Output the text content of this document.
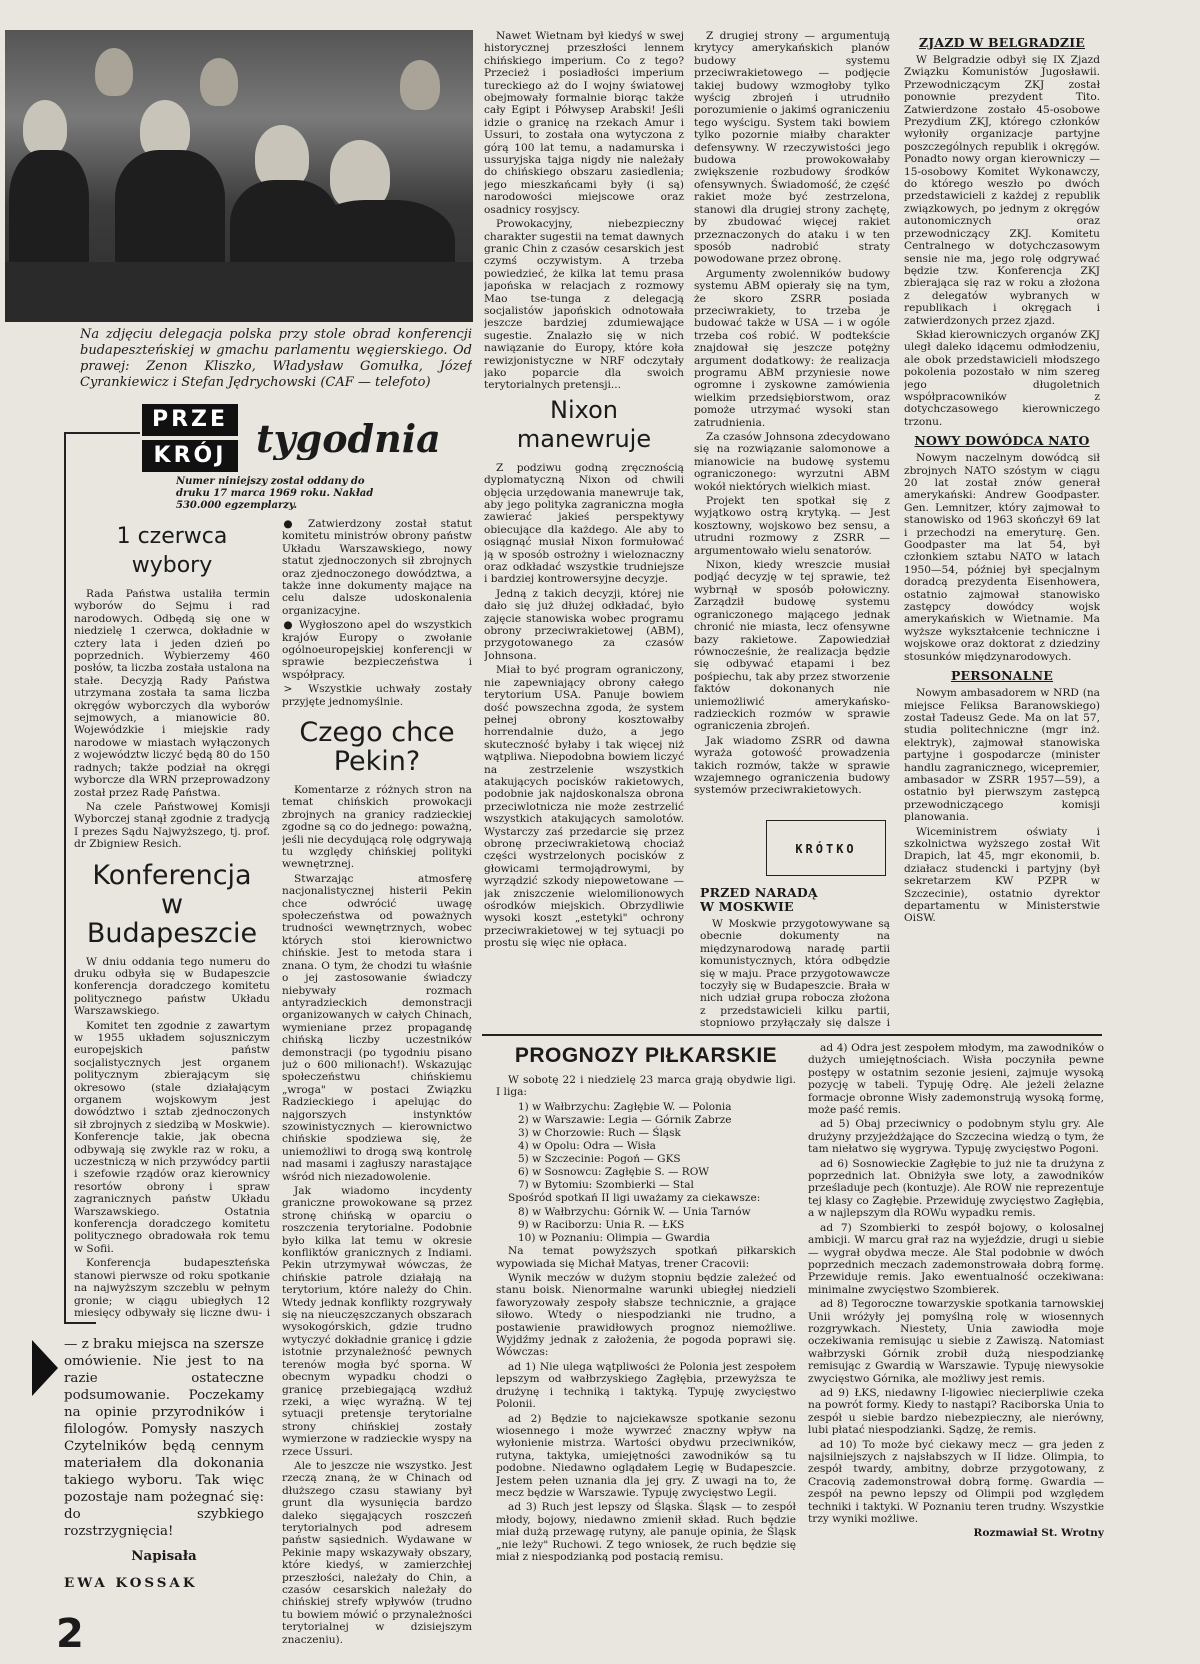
Na zdjęciu delegacja polska przy stole obrad konferencji budapeszteńskiej w gmachu parlamentu węgierskiego. Od prawej: Zenon Kliszko, Władysław Gomułka, Józef Cyrankiewicz i Stefan Jędrychowski (CAF — telefoto)
PRZE
KRÓJ tygodnia
Numer niniejszy został oddany do druku 17 marca 1969 roku. Nakład 530.000 egzemplarzy.
1 czerwca wybory

Rada Państwa ustaliła termin wyborów do Sejmu i rad narodowych. Odbędą się one w niedzielę 1 czerwca, dokładnie w cztery lata i jeden dzień po poprzednich. Wybierzemy 460 posłów, ta liczba została ustalona na stałe. Decyzją Rady Państwa utrzymana została ta sama liczba okręgów wyborczych dla wyborów sejmowych, a mianowicie 80. Wojewódzkie i miejskie rady narodowe w miastach wyłączonych z województw liczyć będą 80 do 150 radnych; także podział na okręgi wyborcze dla WRN przeprowadzony został przez Radę Państwa.

Na czele Państwowej Komisji Wyborczej stanął zgodnie z tradycją I prezes Sądu Najwyższego, tj. prof. dr Zbigniew Resich.

Konferencja
w Budapeszcie

W dniu oddania tego numeru do druku odbyła się w Budapeszcie konferencja doradczego komitetu politycznego państw Układu Warszawskiego.

Komitet ten zgodnie z zawartym w 1955 układem sojuszniczym europejskich państw socjalistycznych jest organem politycznym zbierającym się okresowo (stale działającym organem wojskowym jest dowództwo i sztab zjednoczonych sił zbrojnych z siedzibą w Moskwie). Konferencje takie, jak obecna odbywają się zwykle raz w roku, a uczestniczą w nich przywódcy partii i szefowie rządów oraz kierownicy resortów obrony i spraw zagranicznych państw Układu Warszawskiego. Ostatnia konferencja doradczego komitetu politycznego obradowała rok temu w Sofii.

Konferencja budapeszteńska stanowi pierwsze od roku spotkanie na najwyższym szczeblu w pełnym gronie; w ciągu ubiegłych 12 miesięcy odbywały się liczne dwu- i

● Zatwierdzony został statut komitetu ministrów obrony państw Układu Warszawskiego, nowy statut zjednoczonych sił zbrojnych oraz zjednoczonego dowództwa, a także inne dokumenty mające na celu dalsze udoskonalenia organizacyjne.

● Wygłoszono apel do wszystkich krajów Europy o zwołanie ogólnoeuropejskiej konferencji w sprawie bezpieczeństwa i współpracy.

> Wszystkie uchwały zostały przyjęte jednomyślnie.

— z braku miejsca na szersze omówienie. Nie jest to na razie ostateczne podsumowanie. Poczekamy na opinie przyrodników i filologów. Pomysły naszych Czytelników będą cennym materiałem dla dokonania takiego wyboru. Tak więc pozostaje nam pożegnać się: do szybkiego rozstrzygnięcia!

Napisała

EWA KOSSAK

2
Czego chce
Pekin?

Komentarze z różnych stron na temat chińskich prowokacji zbrojnych na granicy radzieckiej zgodne są co do jednego: poważną, jeśli nie decydującą rolę odgrywają tu względy chińskiej polityki wewnętrznej.

Stwarzając atmosferę nacjonalistycznej histerii Pekin chce odwrócić uwagę społeczeństwa od poważnych trudności wewnętrznych, wobec których stoi kierownictwo chińskie. Jest to metoda stara i znana. O tym, że chodzi tu właśnie o jej zastosowanie świadczy niebywały rozmach antyradzieckich demonstracji organizowanych w całych Chinach, wymieniane przez propagandę chińską liczby uczestników demonstracji (po tygodniu pisano już o 600 milionach!). Wskazując społeczeństwu chińskiemu „wroga" w postaci Związku Radzieckiego i apelując do najgorszych instynktów szowinistycznych — kierownictwo chińskie spodziewa się, że uniemożliwi to drogą swą kontrolę nad masami i zagłuszy narastające wśród nich niezadowolenie.

Jak wiadomo incydenty graniczne prowokowane są przez stronę chińską w oparciu o roszczenia terytorialne. Podobnie było kilka lat temu w okresie konfliktów granicznych z Indiami. Pekin utrzymywał wówczas, że chińskie patrole działają na terytorium, które należy do Chin. Wtedy jednak konflikty rozgrywały się na nieuczęszczanych obszarach wysokogórskich, gdzie trudno wytyczyć dokładnie granicę i gdzie istotnie przynależność pewnych terenów mogła być sporna. W obecnym wypadku chodzi o granicę przebiegającą wzdłuż rzeki, a więc wyraźną. W tej sytuacji pretensje terytorialne strony chińskiej zostały wymierzone w radzieckie wyspy na rzece Ussuri.

Ale to jeszcze nie wszystko. Jest rzeczą znaną, że w Chinach od dłuższego czasu stawiany był grunt dla wysunięcia bardzo daleko sięgających roszczeń terytorialnych pod adresem państw sąsiednich. Wydawane w Pekinie mapy wskazywały obszary, które kiedyś, w zamierzchłej przeszłości, należały do Chin, a czasów cesarskich należały do chińskiej strefy wpływów (trudno tu bowiem mówić o przynależności terytorialnej w dzisiejszym znaczeniu).

Nawet Wietnam był kiedyś w swej historycznej przeszłości lennem chińskiego imperium. Co z tego? Przecież i posiadłości imperium tureckiego aż do I wojny światowej obejmowały formalnie biorąc także cały Egipt i Półwysep Arabski! Jeśli idzie o granicę na rzekach Amur i Ussuri, to została ona wytyczona z górą 100 lat temu, a nadamurska i ussuryjska tajga nigdy nie należały do chińskiego obszaru zasiedlenia; jego mieszkańcami były (i są) narodowości miejscowe oraz osadnicy rosyjscy.

Prowokacyjny, niebezpieczny charakter sugestii na temat dawnych granic Chin z czasów cesarskich jest czymś oczywistym. A trzeba powiedzieć, że kilka lat temu prasa japońska w relacjach z rozmowy Mao tse-tunga z delegacją socjalistów japońskich odnotowała jeszcze bardziej zdumiewające sugestie. Znalazło się w nich nawiązanie do Europy, które koła rewizjonistyczne w NRF odczytały jako poparcie dla swoich terytorialnych pretensji...

Nixon manewruje

Z podziwu godną zręcznością dyplomatyczną Nixon od chwili objęcia urzędowania manewruje tak, aby jego polityka zagraniczna mogła zawierać jakieś perspektywy obiecujące dla każdego. Ale aby to osiągnąć musiał Nixon formułować ją w sposób ostrożny i wieloznaczny oraz odkładać wszystkie trudniejsze i bardziej kontrowersyjne decyzje.

Jedną z takich decyzji, której nie dało się już dłużej odkładać, było zajęcie stanowiska wobec programu obrony przeciwrakietowej (ABM), przygotowanego za czasów Johnsona.

Miał to być program ograniczony, nie zapewniający obrony całego terytorium USA. Panuje bowiem dość powszechna zgoda, że system pełnej obrony kosztowałby horrendalnie dużo, a jego skuteczność byłaby i tak więcej niż wątpliwa. Niepodobna bowiem liczyć na zestrzelenie wszystkich atakujących pocisków rakietowych, podobnie jak najdoskonalsza obrona przeciwlotnicza nie może zestrzelić wszystkich atakujących samolotów. Wystarczy zaś przedarcie się przez obronę przeciwrakietową chociaż części wystrzelonych pocisków z głowicami termojądrowymi, by wyrządzić szkody niepowetowane — jak zniszczenie wielomilionowych ośrodków miejskich. Obrzydliwie wysoki koszt „estetyki" ochrony przeciwrakietowej w tej sytuacji po prostu się więc nie opłaca.

Z drugiej strony — argumentują krytycy amerykańskich planów budowy systemu przeciwrakietowego — podjęcie takiej budowy wzmogłoby tylko wyścig zbrojeń i utrudniło porozumienie o jakimś ograniczeniu tego wyścigu. System taki bowiem tylko pozornie miałby charakter defensywny. W rzeczywistości jego budowa prowokowałaby zwiększenie rozbudowy środków ofensywnych. Świadomość, że część rakiet może być zestrzelona, stanowi dla drugiej strony zachętę, by zbudować więcej rakiet przeznaczonych do ataku i w ten sposób nadrobić straty powodowane przez obronę.

Argumenty zwolenników budowy systemu ABM opierały się na tym, że skoro ZSRR posiada przeciwrakiety, to trzeba je budować także w USA — i w ogóle trzeba coś robić. W podtekście znajdował się jeszcze potężny argument dodatkowy: że realizacja programu ABM przyniesie nowe ogromne i zyskowne zamówienia wielkim przedsiębiorstwom, oraz pomoże utrzymać wysoki stan zatrudnienia.

Za czasów Johnsona zdecydowano się na rozwiązanie salomonowe a mianowicie na budowę systemu ograniczonego: wyrzutni ABM wokół niektórych wielkich miast.

Projekt ten spotkał się z wyjątkowo ostrą krytyką. — Jest kosztowny, wojskowo bez sensu, a utrudni rozmowy z ZSRR — argumentowało wielu senatorów.

Nixon, kiedy wreszcie musiał podjąć decyzję w tej sprawie, też wybrnął w sposób połowiczny. Zarządził budowę systemu ograniczonego mającego jednak chronić nie miasta, lecz ofensywne bazy rakietowe. Zapowiedział równocześnie, że realizacja będzie się odbywać etapami i bez pośpiechu, tak aby przez stworzenie faktów dokonanych nie uniemożliwić amerykańsko-radzieckich rozmów w sprawie ograniczenia zbrojeń.

Jak wiadomo ZSRR od dawna wyraża gotowość prowadzenia takich rozmów, także w sprawie wzajemnego ograniczenia budowy systemów przeciwrakietowych.

KRÓTKO
PRZED NARADĄ
W MOSKWIE

W Moskwie przygotowywane są obecnie dokumenty na międzynarodową naradę partii komunistycznych, która odbędzie się w maju. Prace przygotowawcze toczyły się w Budapeszcie. Brała w nich udział grupa robocza złożona z przedstawicieli kilku partii, stopniowo przyłączały się dalsze i

ZJAZD W BELGRADZIE

W Belgradzie odbył się IX Zjazd Związku Komunistów Jugosławii. Przewodniczącym ZKJ został ponownie prezydent Tito. Zatwierdzone zostało 45-osobowe Prezydium ZKJ, którego członków wyłoniły organizacje partyjne poszczególnych republik i okręgów. Ponadto nowy organ kierowniczy — 15-osobowy Komitet Wykonawczy, do którego weszło po dwóch przedstawicieli z każdej z republik związkowych, po jednym z okręgów autonomicznych oraz przewodniczący ZKJ. Komitetu Centralnego w dotychczasowym sensie nie ma, jego rolę odgrywać będzie tzw. Konferencja ZKJ zbierająca się raz w roku a złożona z delegatów wybranych w republikach i okręgach i zatwierdzonych przez zjazd.

Skład kierowniczych organów ZKJ uległ daleko idącemu odmłodzeniu, ale obok przedstawicieli młodszego pokolenia pozostało w nim szereg jego długoletnich współpracowników z dotychczasowego kierowniczego trzonu.

NOWY DOWÓDCA NATO

Nowym naczelnym dowódcą sił zbrojnych NATO szóstym w ciągu 20 lat został znów generał amerykański: Andrew Goodpaster. Gen. Lemnitzer, który zajmował to stanowisko od 1963 skończył 69 lat i przechodzi na emeryturę. Gen. Goodpaster ma lat 54, był członkiem sztabu NATO w latach 1950—54, później był specjalnym doradcą prezydenta Eisenhowera, ostatnio zajmował stanowisko zastępcy dowódcy wojsk amerykańskich w Wietnamie. Ma wyższe wykształcenie techniczne i wojskowe oraz doktorat z dziedziny stosunków międzynarodowych.

PERSONALNE

Nowym ambasadorem w NRD (na miejsce Feliksa Baranowskiego) został Tadeusz Gede. Ma on lat 57, studia politechniczne (mgr inż. elektryk), zajmował stanowiska partyjne i gospodarcze (minister handlu zagranicznego, wicepremier, ambasador w ZSRR 1957—59), a ostatnio był pierwszym zastępcą przewodniczącego komisji planowania.

Wiceministrem oświaty i szkolnictwa wyższego został Wit Drapich, lat 45, mgr ekonomii, b. działacz studencki i partyjny (był sekretarzem KW PZPR w Szczecinie), ostatnio dyrektor departamentu w Ministerstwie OiSW.

PROGNOZY PIŁKARSKIE

W sobotę 22 i niedzielę 23 marca grają obydwie ligi. I liga:

1) w Wałbrzychu: Zagłębie W. — Polonia
2) w Warszawie: Legia — Górnik Zabrze
3) w Chorzowie: Ruch — Śląsk
4) w Opolu: Odra — Wisła
5) w Szczecinie: Pogoń — GKS
6) w Sosnowcu: Zagłębie S. — ROW
7) w Bytomiu: Szombierki — Stal

Spośród spotkań II ligi uważamy za ciekawsze:

8) w Wałbrzychu: Górnik W. — Unia Tarnów
9) w Raciborzu: Unia R. — ŁKS
10) w Poznaniu: Olimpia — Gwardia

Na temat powyższych spotkań piłkarskich wypowiada się Michał Matyas, trener Cracovii:

Wynik meczów w dużym stopniu będzie zależeć od stanu boisk. Nienormalne warunki ubiegłej niedzieli faworyzowały zespoły słabsze technicznie, a grające siłowo. Wtedy o niespodzianki nie trudno, a postawienie prawidłowych prognoz niemożliwe. Wyjdźmy jednak z założenia, że pogoda poprawi się. Wówczas:

ad 1) Nie ulega wątpliwości że Polonia jest zespołem lepszym od wałbrzyskiego Zagłębia, przewyższa te drużynę i techniką i taktyką. Typuję zwycięstwo Polonii.

ad 2) Będzie to najciekawsze spotkanie sezonu wiosennego i może wywrzeć znaczny wpływ na wyłonienie mistrza. Wartości obydwu przeciwników, rutyna, taktyka, umiejętności zawodników są tu podobne. Niedawno oglądałem Legię w Budapeszcie. Jestem pełen uznania dla jej gry. Z uwagi na to, że mecz będzie w Warszawie. Typuję zwycięstwo Legii.

ad 3) Ruch jest lepszy od Śląska. Śląsk — to zespół młody, bojowy, niedawno zmienił skład. Ruch będzie miał dużą przewagę rutyny, ale panuje opinia, że Śląsk „nie leży" Ruchowi. Z tego wniosek, że ruch będzie się miał z niespodzianką pod postacią remisu.

ad 4) Odra jest zespołem młodym, ma zawodników o dużych umiejętnościach. Wisła poczyniła pewne postępy w ostatnim sezonie jesieni, zajmuje wysoką pozycję w tabeli. Typuję Odrę. Ale jeżeli żelazne formacje obronne Wisły zademonstrują wysoką formę, może paść remis.

ad 5) Obaj przeciwnicy o podobnym stylu gry. Ale drużyny przyjeżdżające do Szczecina wiedzą o tym, że tam niełatwo się wygrywa. Typuję zwycięstwo Pogoni.

ad 6) Sosnowieckie Zagłębie to już nie ta drużyna z poprzednich lat. Obniżyła swe loty, a zawodników prześladuje pech (kontuzje). Ale ROW nie reprezentuje tej klasy co Zagłębie. Przewiduję zwycięstwo Zagłębia, a w najlepszym dla ROWu wypadku remis.

ad 7) Szombierki to zespół bojowy, o kolosalnej ambicji. W marcu grał raz na wyjeździe, drugi u siebie — wygrał obydwa mecze. Ale Stal podobnie w dwóch poprzednich meczach zademonstrowała dobrą formę. Przewiduje remis. Jako ewentualność oczekiwana: minimalne zwycięstwo Szombierek.

ad 8) Tegoroczne towarzyskie spotkania tarnowskiej Unii wróżyły jej pomyślną rolę w wiosennych rozgrywkach. Niestety, Unia zawiodła moje oczekiwania remisując u siebie z Zawiszą. Natomiast wałbrzyski Górnik zrobił dużą niespodziankę remisując z Gwardią w Warszawie. Typuję niewysokie zwycięstwo Górnika, ale możliwy jest remis.

ad 9) ŁKS, niedawny I-ligowiec niecierpliwie czeka na powrót formy. Kiedy to nastąpi? Raciborska Unia to zespół u siebie bardzo niebezpieczny, ale nierówny, lubi płatać niespodzianki. Sądzę, że remis.

ad 10) To może być ciekawy mecz — gra jeden z najsilniejszych z najsłabszych w II lidze. Olimpia, to zespół twardy, ambitny, dobrze przygotowany, z Cracovią zademonstrował dobrą formę. Gwardia — zespół na pewno lepszy od Olimpii pod względem techniki i taktyki. W Poznaniu teren trudny. Wszystkie trzy wyniki możliwe.

Rozmawiał St. Wrotny
